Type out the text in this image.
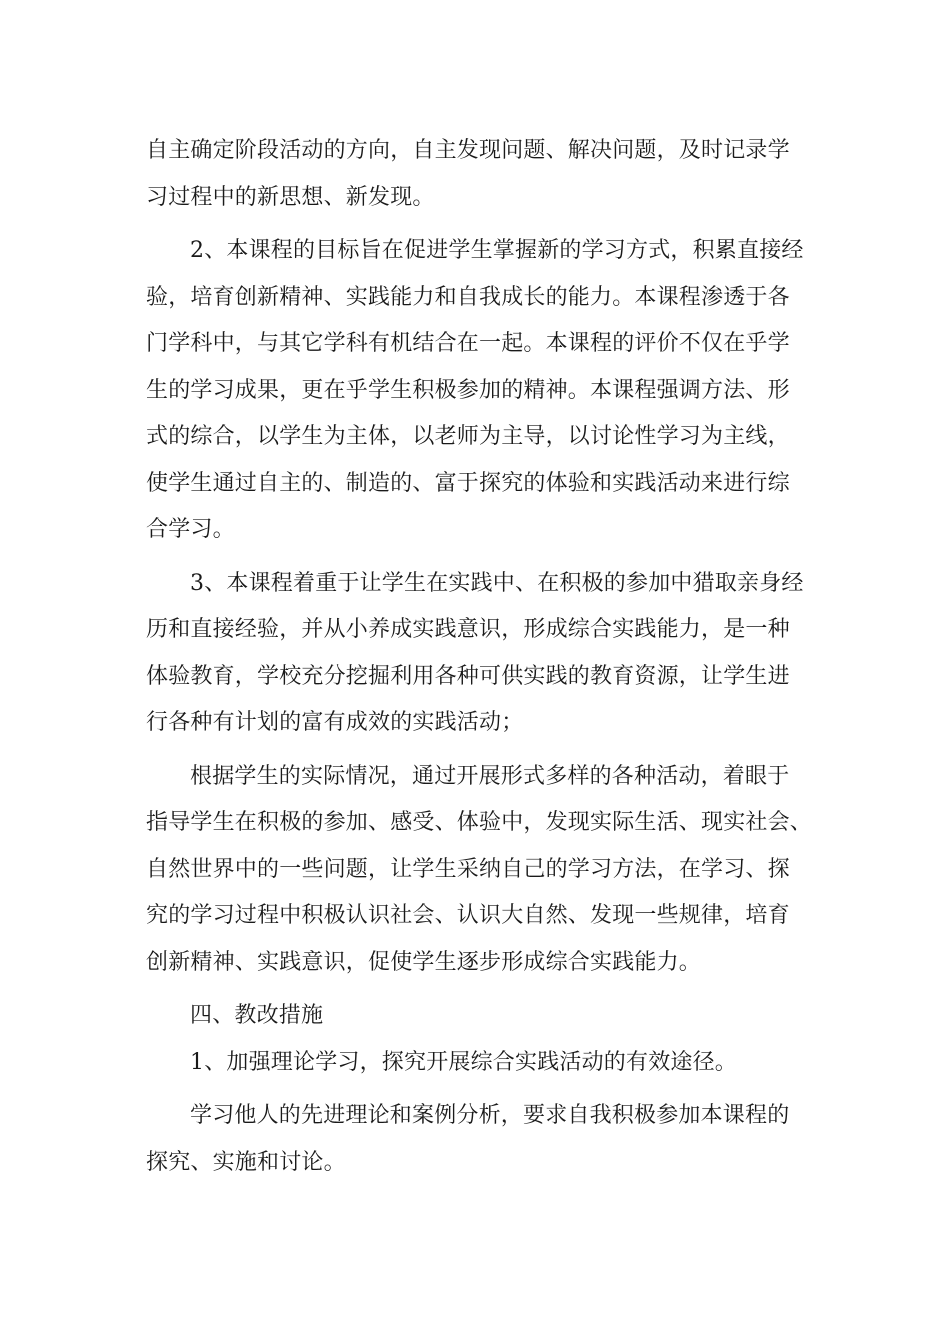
自主确定阶段活动的方向，自主发现问题、解决问题，及时记录学
习过程中的新思想、新发现。
2、本课程的目标旨在促进学生掌握新的学习方式，积累直接经
验，培育创新精神、实践能力和自我成长的能力。本课程渗透于各
门学科中，与其它学科有机结合在一起。本课程的评价不仅在乎学
生的学习成果，更在乎学生积极参加的精神。本课程强调方法、形
式的综合，以学生为主体，以老师为主导，以讨论性学习为主线，
使学生通过自主的、制造的、富于探究的体验和实践活动来进行综
合学习。
3、本课程着重于让学生在实践中、在积极的参加中猎取亲身经
历和直接经验，并从小养成实践意识，形成综合实践能力，是一种
体验教育，学校充分挖掘利用各种可供实践的教育资源，让学生进
行各种有计划的富有成效的实践活动；
根据学生的实际情况，通过开展形式多样的各种活动，着眼于
指导学生在积极的参加、感受、体验中，发现实际生活、现实社会、
自然世界中的一些问题，让学生采纳自己的学习方法，在学习、探
究的学习过程中积极认识社会、认识大自然、发现一些规律，培育
创新精神、实践意识，促使学生逐步形成综合实践能力。
四、教改措施
1、加强理论学习，探究开展综合实践活动的有效途径。
学习他人的先进理论和案例分析，要求自我积极参加本课程的
探究、实施和讨论。
